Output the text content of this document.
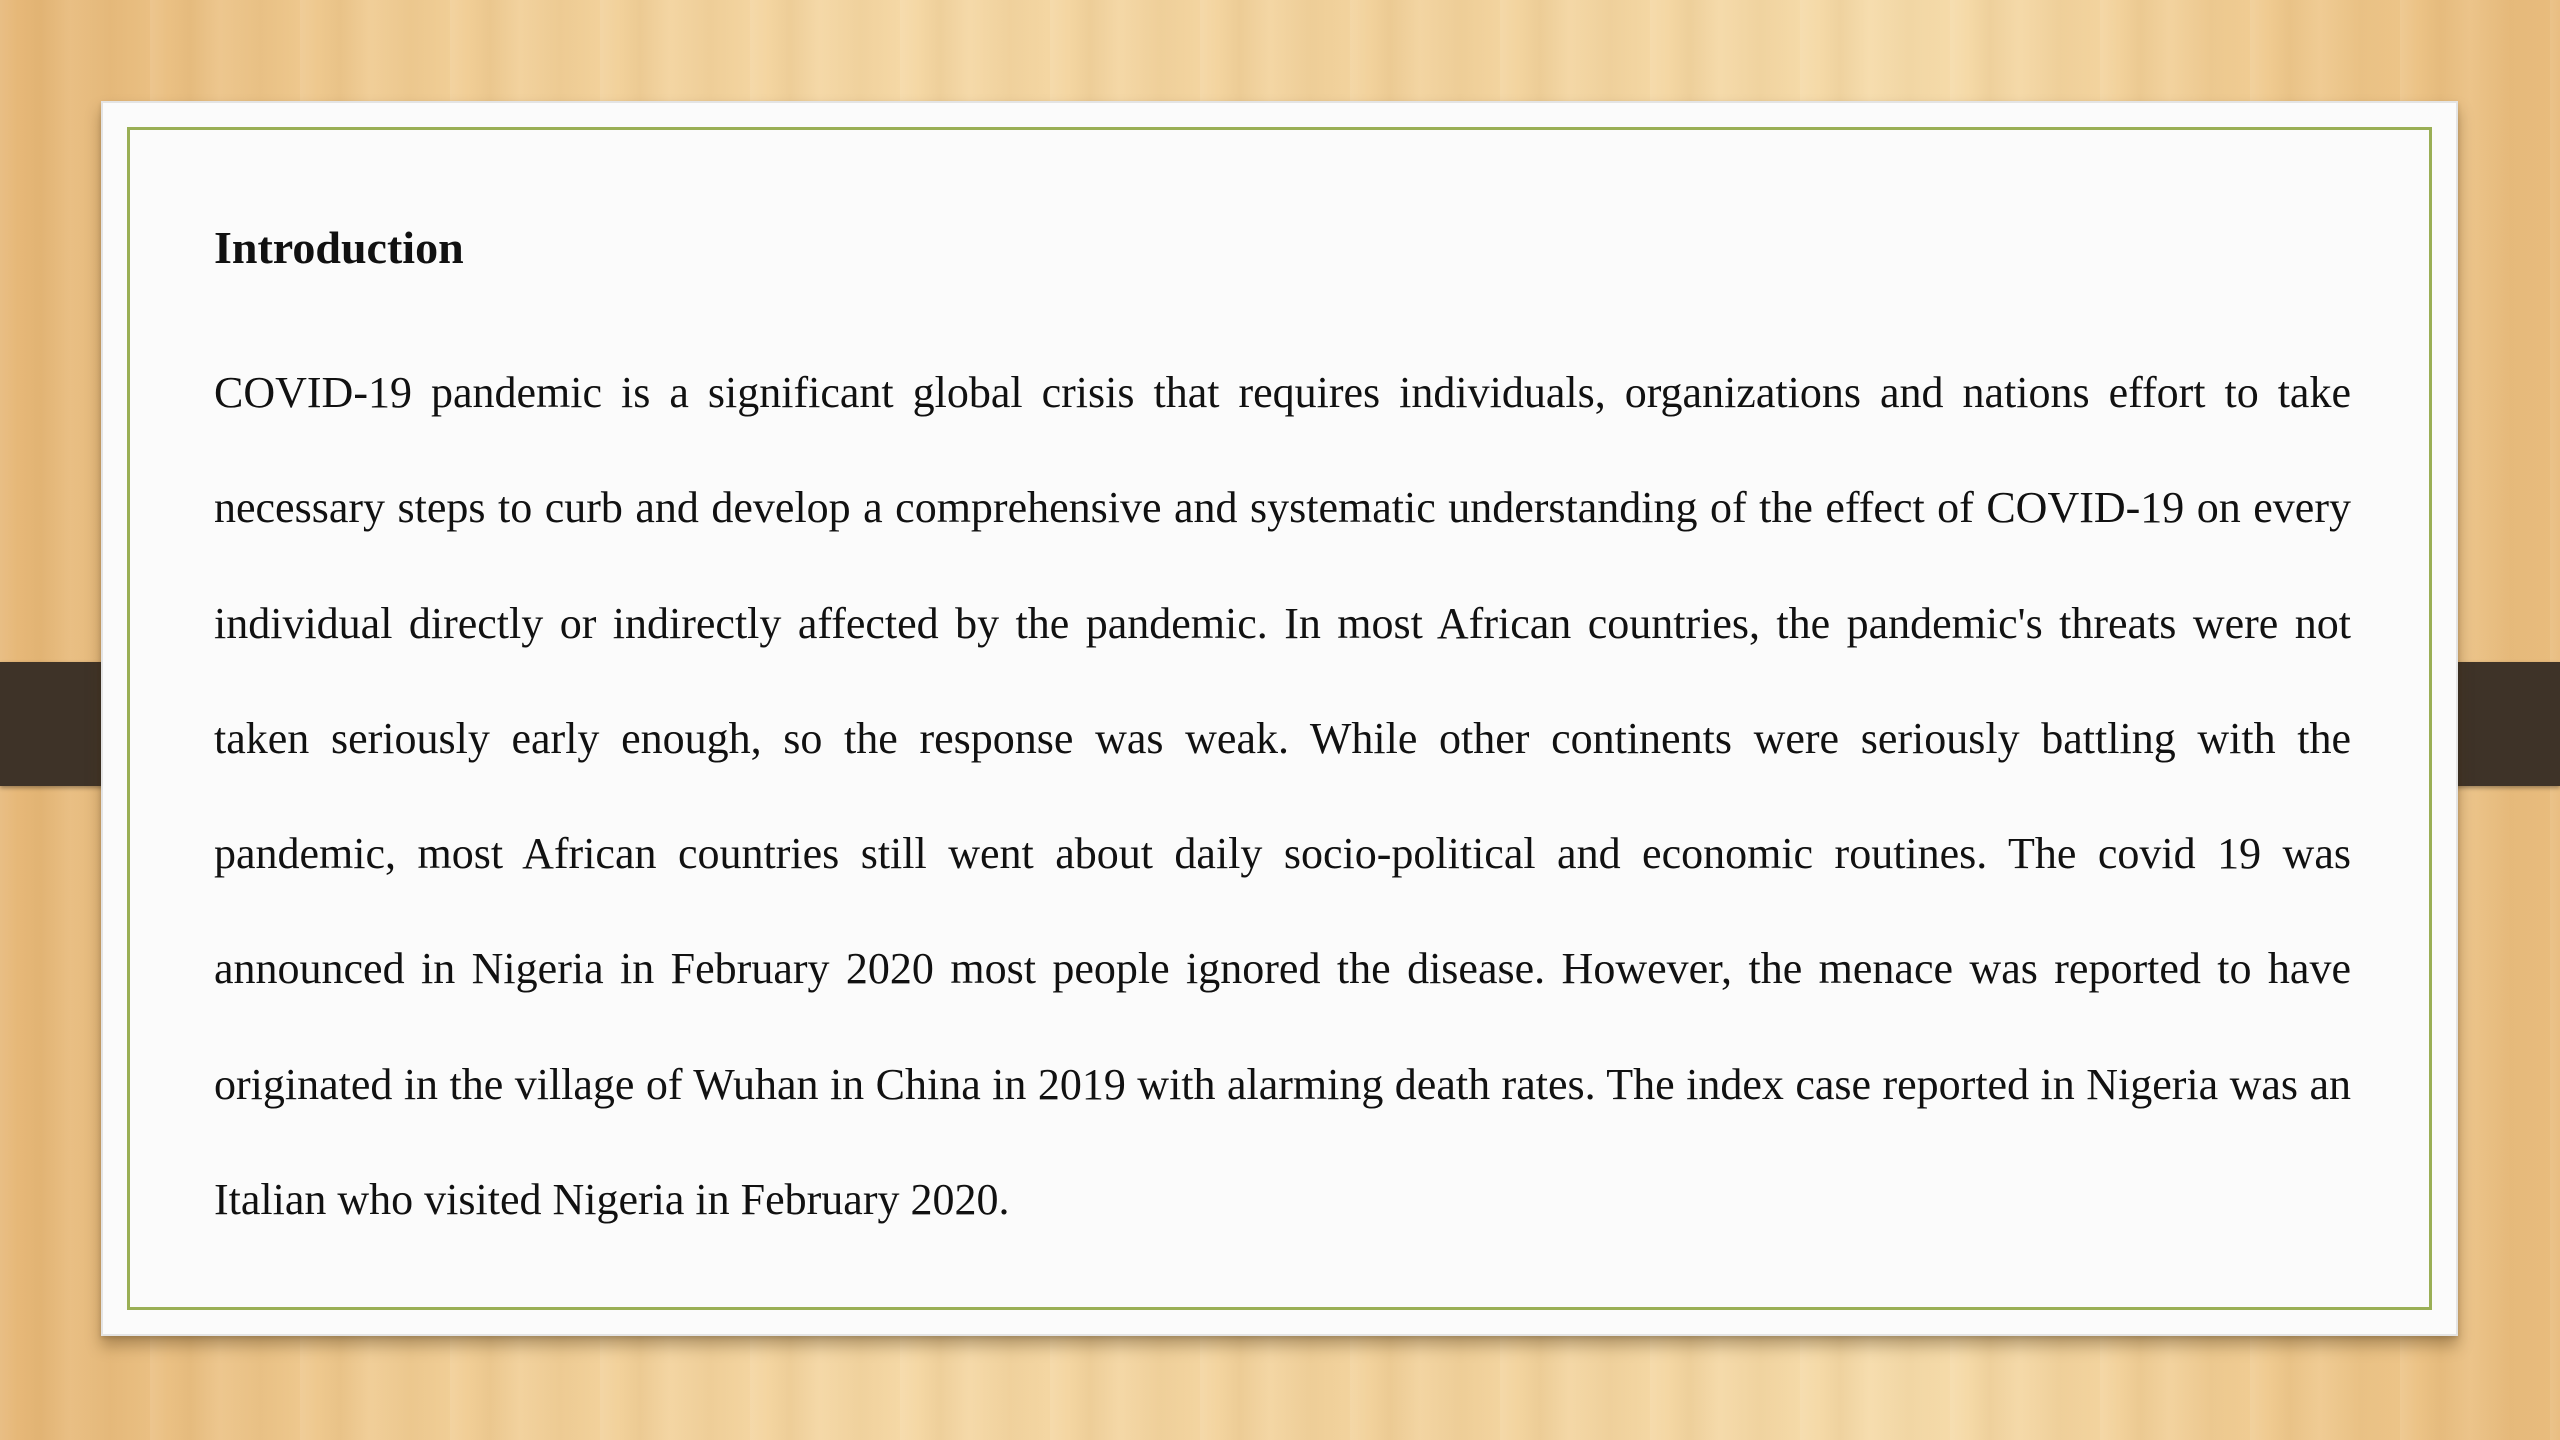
Introduction

COVID-19 pandemic is a significant global crisis that requires individuals, organizations and nations effort to take necessary steps to curb and develop a comprehensive and systematic understanding of the effect of COVID-19 on every individual directly or indirectly affected by the pandemic. In most African countries, the pandemic's threats were not taken seriously early enough, so the response was weak. While other continents were seriously battling with the pandemic, most African countries still went about daily socio-political and economic routines. The covid 19 was announced in Nigeria in February 2020 most people ignored the disease. However, the menace was reported to have originated in the village of Wuhan in China in 2019 with alarming death rates. The index case reported in Nigeria was an Italian who visited Nigeria in February 2020.
